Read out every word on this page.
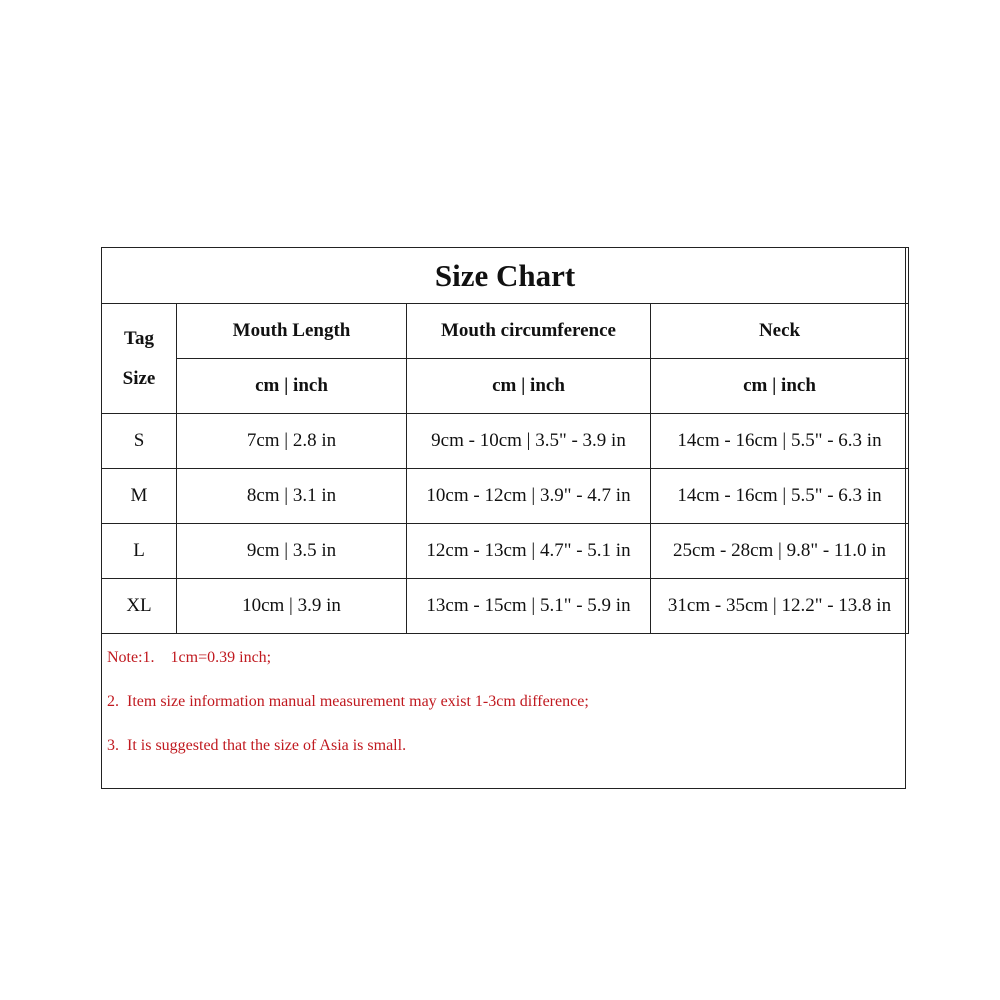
Size Chart			

Tag
Size	Mouth Length	Mouth circumference	Neck
	cm | inch	cm | inch	cm | inch
S	7cm | 2.8 in	9cm - 10cm | 3.5" - 3.9 in	14cm - 16cm | 5.5" - 6.3 in
M	8cm | 3.1 in	10cm - 12cm | 3.9" - 4.7 in	14cm - 16cm | 5.5" - 6.3 in
L	9cm | 3.5 in	12cm - 13cm | 4.7" - 5.1 in	25cm - 28cm | 9.8" - 11.0 in
XL	10cm | 3.9 in	13cm - 15cm | 5.1" - 5.9 in	31cm - 35cm | 12.2" - 13.8 in
Note:1.    1cm=0.39 inch;
2.  Item size information manual measurement may exist 1-3cm difference;
3.  It is suggested that the size of Asia is small.
